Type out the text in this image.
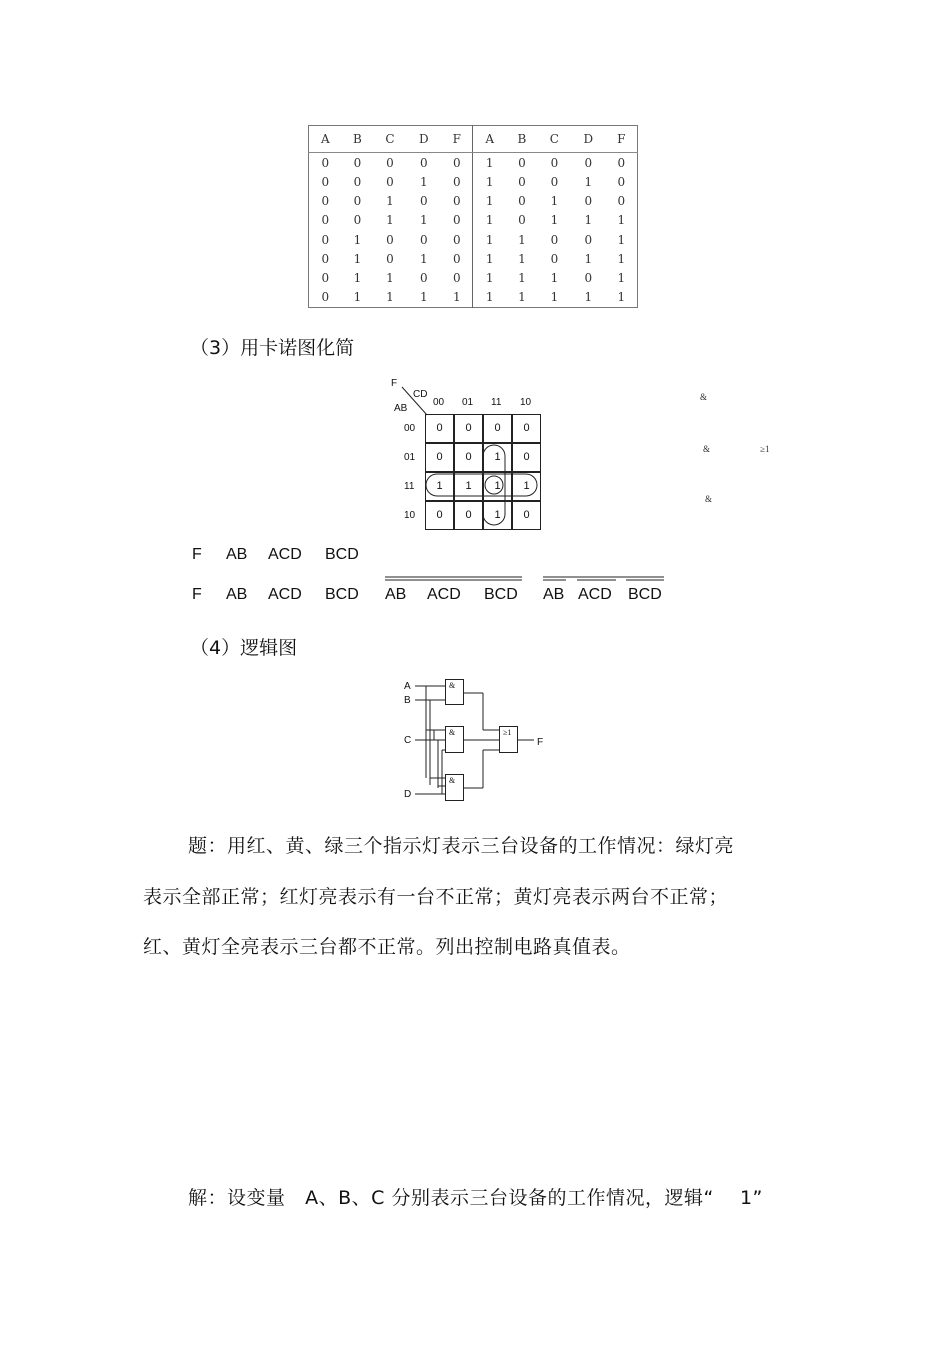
A	B	C	D	F	A	B	C	D	F
0	0	0	0	0	1	0	0	0	0
0	0	0	1	0	1	0	0	1	0
0	0	1	0	0	1	0	1	0	0
0	0	1	1	0	1	0	1	1	1
0	1	0	0	0	1	1	0	0	1
0	1	0	1	0	1	1	0	1	1
0	1	1	0	0	1	1	1	0	1
0	1	1	1	1	1	1	1	1	1
（3）用卡诺图化简
F
CD
AB
00 01 11 10
00
01
11
10
0	0	0	0
0	0	1	0
1	1	1	1
0	0	1	0
&
&	≥1
&
F AB ACD BCD
F AB ACD BCD AB ACD BCD AB ACD BCD
（4）逻辑图
A
B
C
D
F
&
&
&
≥1
题：用红、黄、绿三个指示灯表示三台设备的工作情况：绿灯亮
表示全部正常；红灯亮表示有一台不正常；黄灯亮表示两台不正常；
红、黄灯全亮表示三台都不正常。列出控制电路真值表。
解：设变量   A、B、C 分别表示三台设备的工作情况，逻辑“    1”
